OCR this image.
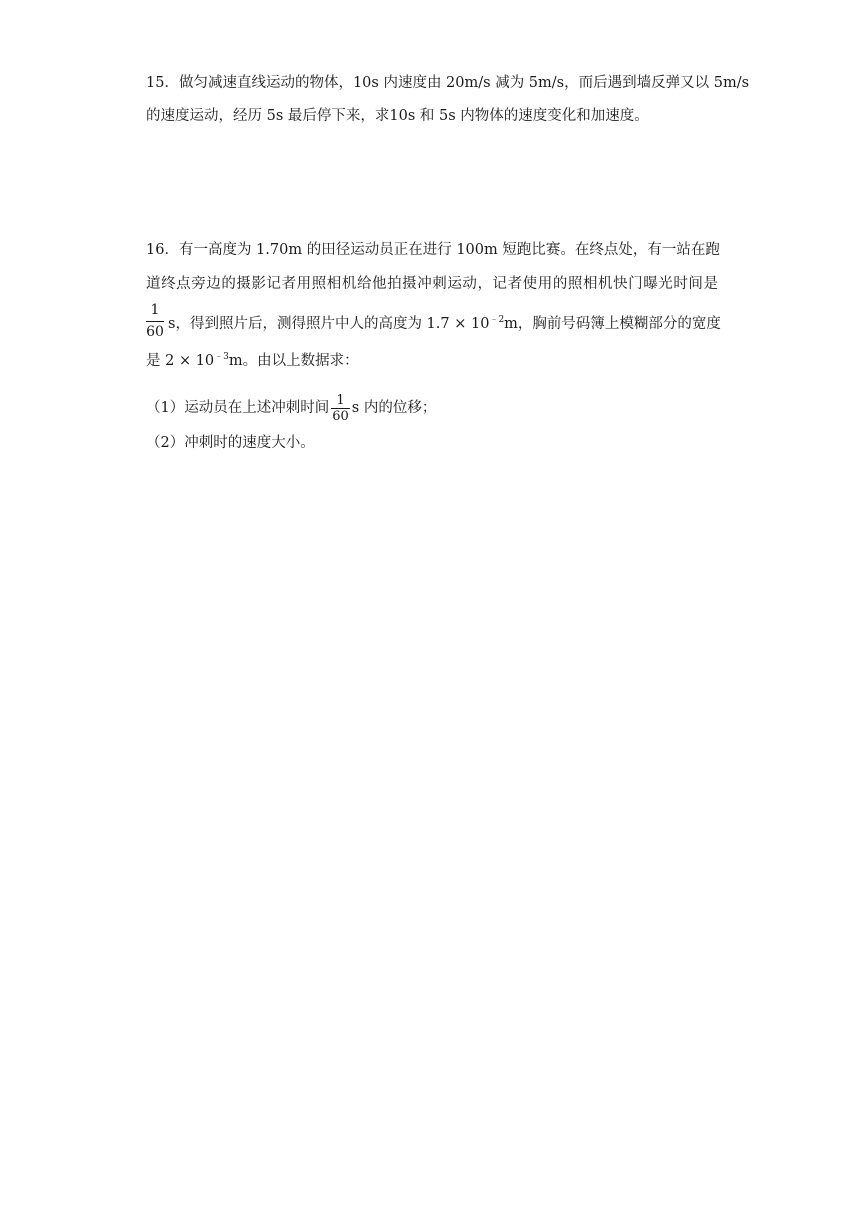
15．做匀减速直线运动的物体，10s 内速度由 20m/s 减为 5m/s，而后遇到墙反弹又以 5m/s
的速度运动，经历 5s 最后停下来，求10s 和 5s 内物体的速度变化和加速度。
16．有一高度为 1.70m 的田径运动员正在进行 100m 短跑比赛。在终点处，有一站在跑
道终点旁边的摄影记者用照相机给他拍摄冲刺运动，记者使用的照相机快门曝光时间是
1
60 s，得到照片后，测得照片中人的高度为 $1.7 \times 10^{﹣2}m$，胸前号码簿上模糊部分的宽度
是 $2 \times 10^{﹣3}m$。由以上数据求：
（1）运动员在上述冲刺时间 $\frac{1}{60}$ s 内的位移；
（2）冲刺时的速度大小。
